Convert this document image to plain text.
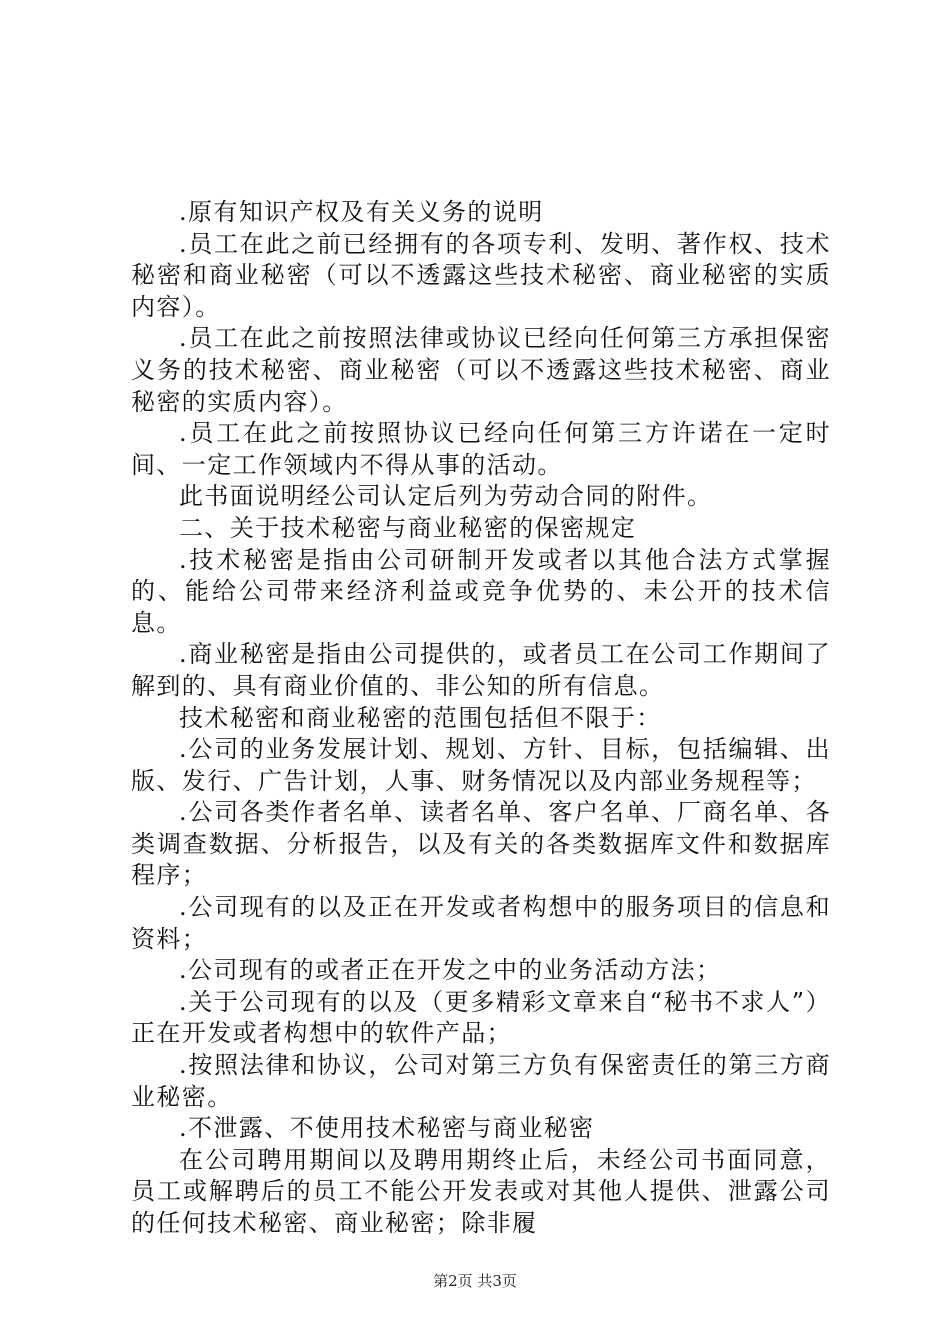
.原有知识产权及有关义务的说明

.员工在此之前已经拥有的各项专利、发明、著作权、技术秘密和商业秘密（可以不透露这些技术秘密、商业秘密的实质内容）。

.员工在此之前按照法律或协议已经向任何第三方承担保密义务的技术秘密、商业秘密（可以不透露这些技术秘密、商业秘密的实质内容）。

.员工在此之前按照协议已经向任何第三方许诺在一定时间、一定工作领域内不得从事的活动。

此书面说明经公司认定后列为劳动合同的附件。

二、关于技术秘密与商业秘密的保密规定

.技术秘密是指由公司研制开发或者以其他合法方式掌握的、能给公司带来经济利益或竞争优势的、未公开的技术信息。

.商业秘密是指由公司提供的，或者员工在公司工作期间了解到的、具有商业价值的、非公知的所有信息。

技术秘密和商业秘密的范围包括但不限于：

.公司的业务发展计划、规划、方针、目标，包括编辑、出版、发行、广告计划，人事、财务情况以及内部业务规程等；

.公司各类作者名单、读者名单、客户名单、厂商名单、各类调查数据、分析报告，以及有关的各类数据库文件和数据库程序；

.公司现有的以及正在开发或者构想中的服务项目的信息和资料；

.公司现有的或者正在开发之中的业务活动方法；

.关于公司现有的以及（更多精彩文章来自“秘书不求人”）正在开发或者构想中的软件产品；

.按照法律和协议，公司对第三方负有保密责任的第三方商业秘密。

.不泄露、不使用技术秘密与商业秘密

在公司聘用期间以及聘用期终止后，未经公司书面同意，员工或解聘后的员工不能公开发表或对其他人提供、泄露公司的任何技术秘密、商业秘密；除非履

第2页 共3页
